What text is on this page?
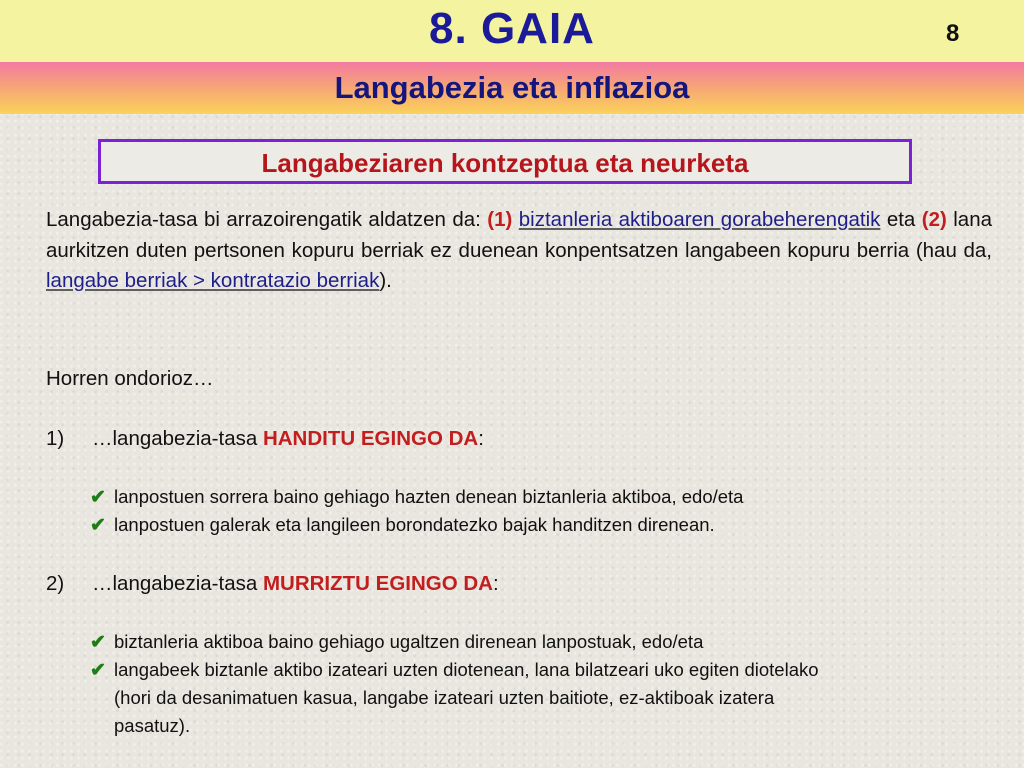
8. GAIA	8
Langabezia eta inflazioa
Langabeziaren kontzeptua eta neurketa
Langabezia-tasa bi arrazoirengatik aldatzen da: (1) biztanleria aktiboaren gorabeherengatik eta (2) lana aurkitzen duten pertsonen kopuru berriak ez duenean konpentsatzen langabeen kopuru berria (hau da, langabe berriak > kontratazio berriak).
Horren ondorioz…
1) …langabezia-tasa HANDITU EGINGO DA:
✔ lanpostuen sorrera baino gehiago hazten denean biztanleria aktiboa, edo/eta
✔ lanpostuen galerak eta langileen borondatezko bajak handitzen direnean.
2) …langabezia-tasa MURRIZTU EGINGO DA:
✔ biztanleria aktiboa baino gehiago ugaltzen direnean lanpostuak, edo/eta
✔ langabeek biztanle aktibo izateari uzten diotenean, lana bilatzeari uko egiten diotelako
(hori da desanimatuen kasua, langabe izateari uzten baitiote, ez-aktiboak izatera
pasatuz).
